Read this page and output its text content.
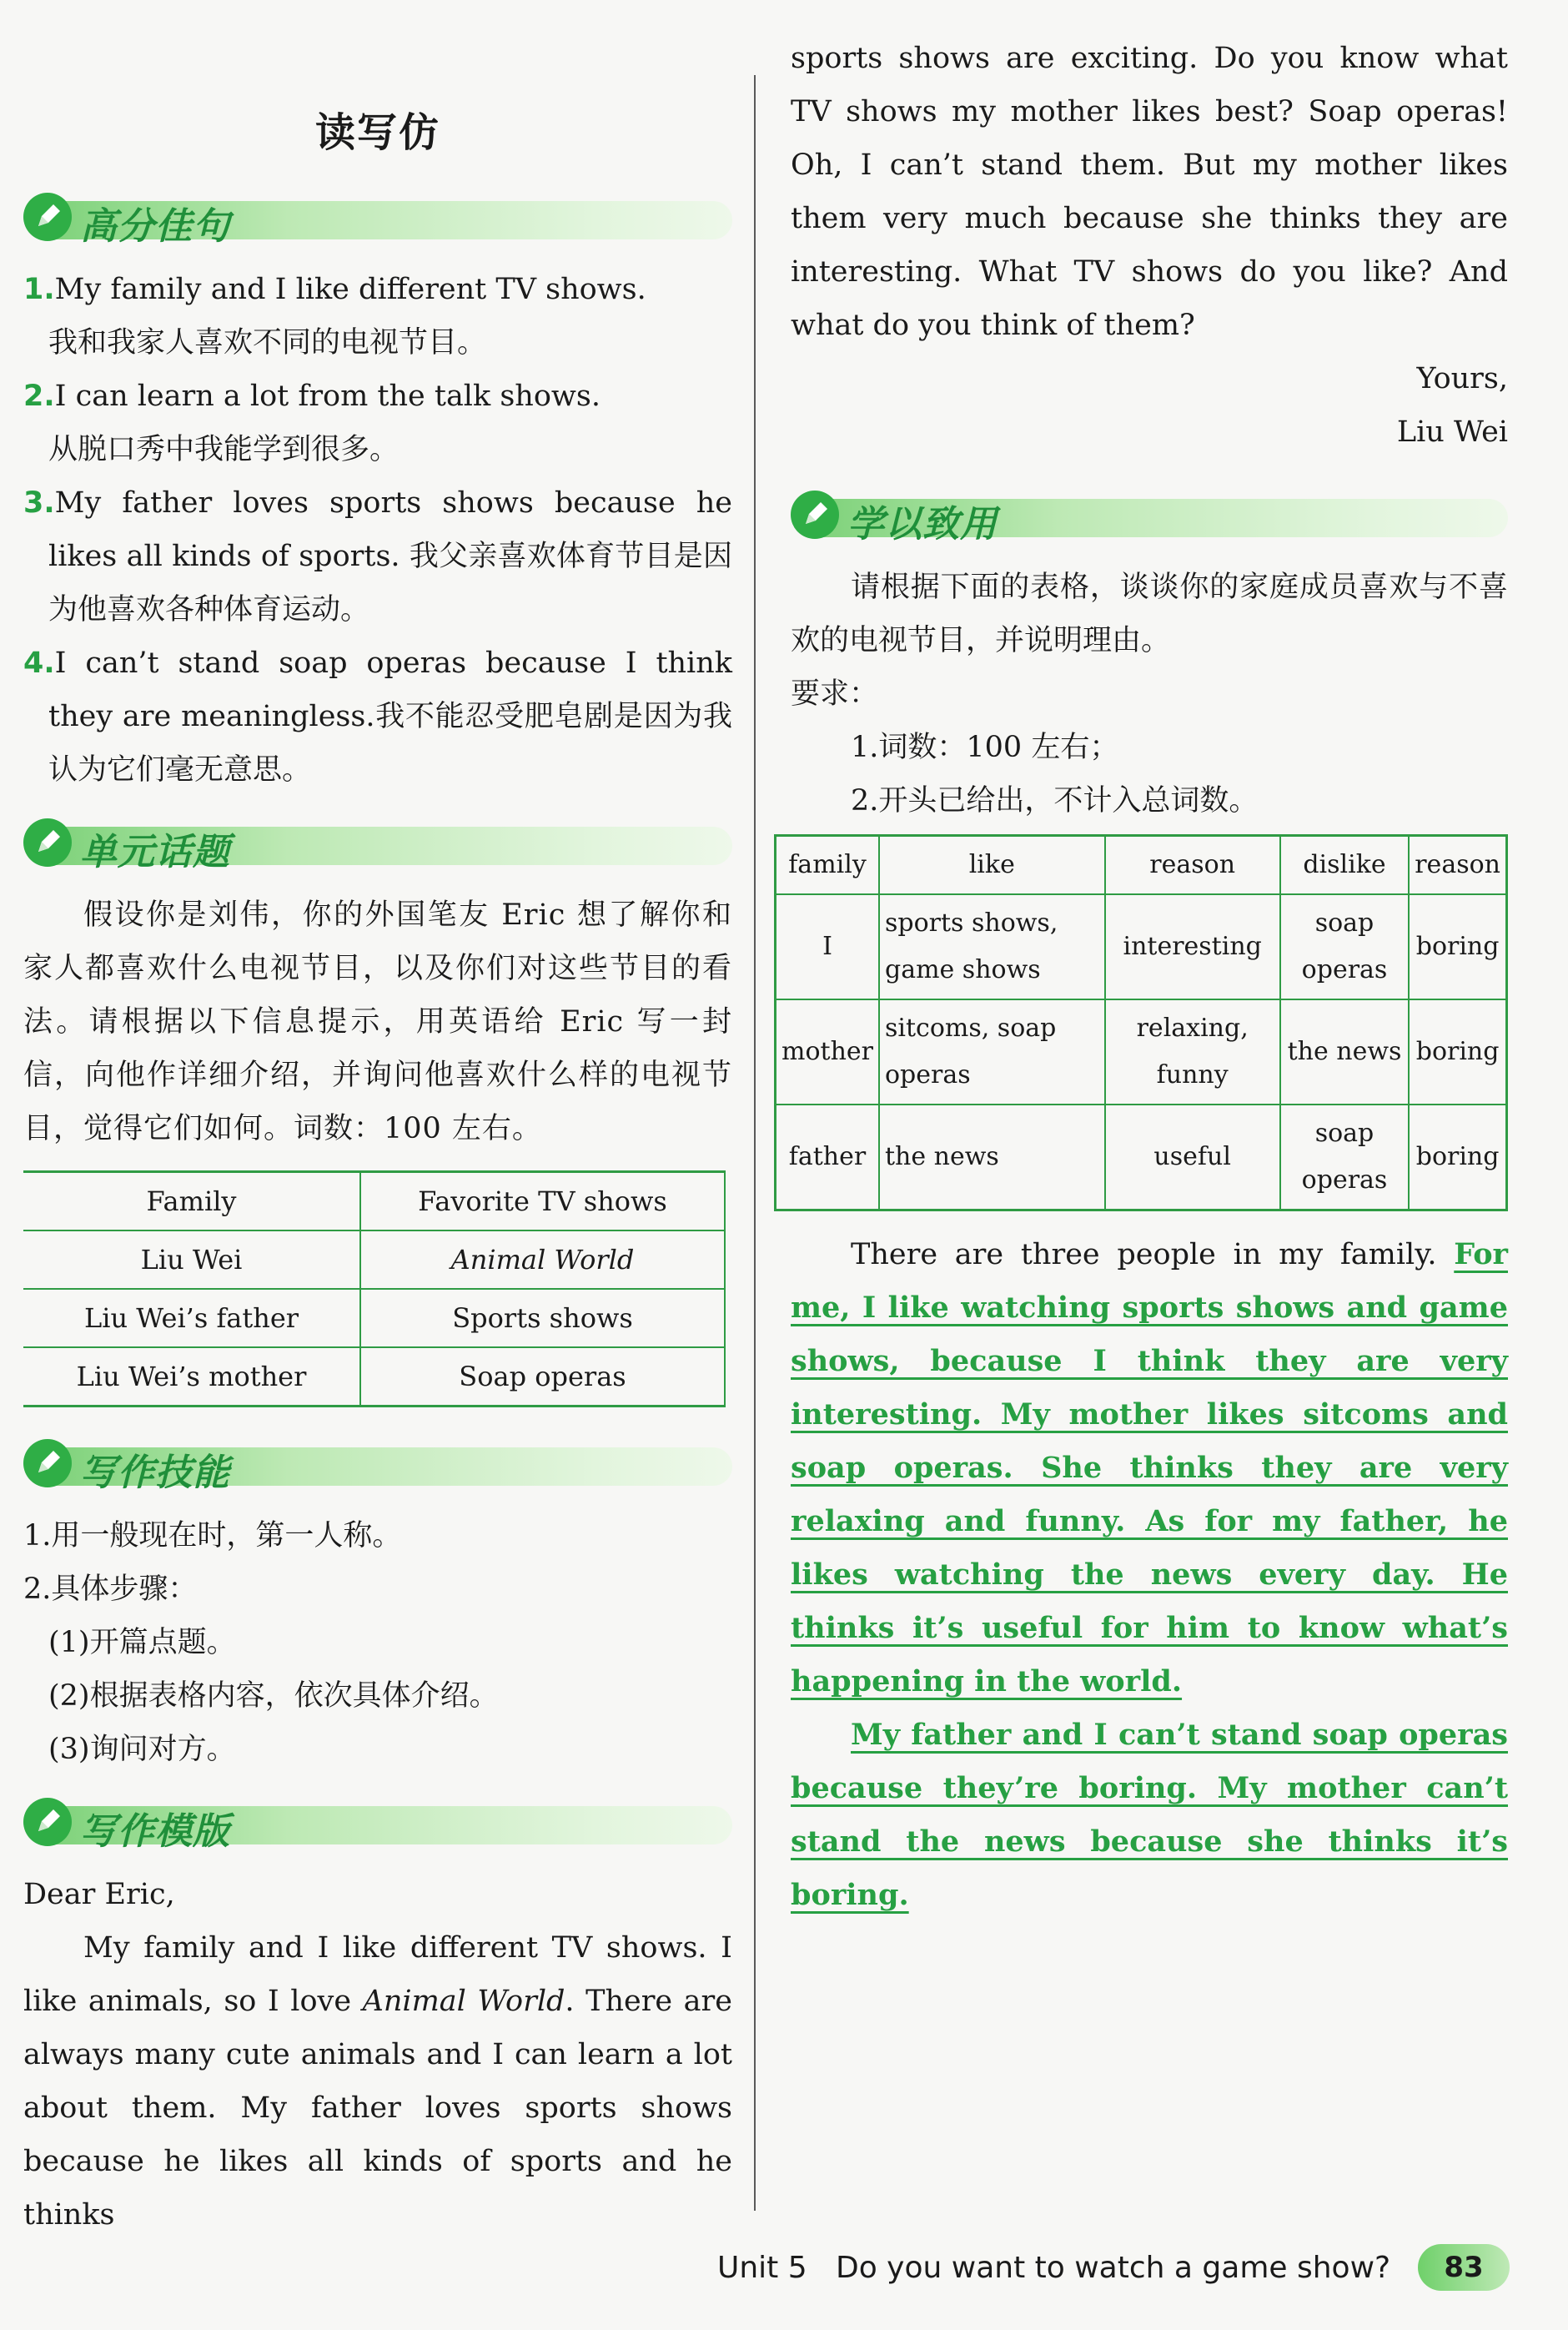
读写仿
高分佳句
1.My family and I like different TV shows.
我和我家人喜欢不同的电视节目。
2.I can learn a lot from the talk shows.
从脱口秀中我能学到很多。
3.My father loves sports shows because he likes all kinds of sports. 我父亲喜欢体育节目是因为他喜欢各种体育运动。
4.I can’t stand soap operas because I think they are meaningless.我不能忍受肥皂剧是因为我认为它们毫无意思。
单元话题
假设你是刘伟，你的外国笔友 Eric 想了解你和家人都喜欢什么电视节目，以及你们对这些节目的看法。请根据以下信息提示，用英语给 Eric 写一封信，向他作详细介绍，并询问他喜欢什么样的电视节目，觉得它们如何。词数：100 左右。
Family	Favorite TV shows
Liu Wei	Animal World
Liu Wei’s father	Sports shows
Liu Wei’s mother	Soap operas
写作技能
1.用一般现在时，第一人称。
2.具体步骤：
(1)开篇点题。
(2)根据表格内容，依次具体介绍。
(3)询问对方。
写作模版
Dear Eric,
My family and I like different TV shows. I like animals, so I love Animal World. There are always many cute animals and I can learn a lot about them. My father loves sports shows because he likes all kinds of sports and he thinks
sports shows are exciting. Do you know what TV shows my mother likes best? Soap operas! Oh, I can’t stand them. But my mother likes them very much because she thinks they are interesting. What TV shows do you like? And what do you think of them?
Yours,
Liu Wei
学以致用
请根据下面的表格，谈谈你的家庭成员喜欢与不喜欢的电视节目，并说明理由。
要求：
1.词数：100 左右；
2.开头已给出，不计入总词数。
family	like	reason	dislike	reason
I	sports shows, game shows	interesting	soap operas	boring
mother	sitcoms, soap operas	relaxing, funny	the news	boring
father	the news	useful	soap operas	boring
There are three people in my family. For me, I like watching sports shows and game shows, because I think they are very interesting. My mother likes sitcoms and soap operas. She thinks they are very relaxing and funny. As for my father, he likes watching the news every day. He thinks it’s useful for him to know what’s happening in the world.
My father and I can’t stand soap operas because they’re boring. My mother can’t stand the news because she thinks it’s boring.
Unit 5 Do you want to watch a game show?	83
